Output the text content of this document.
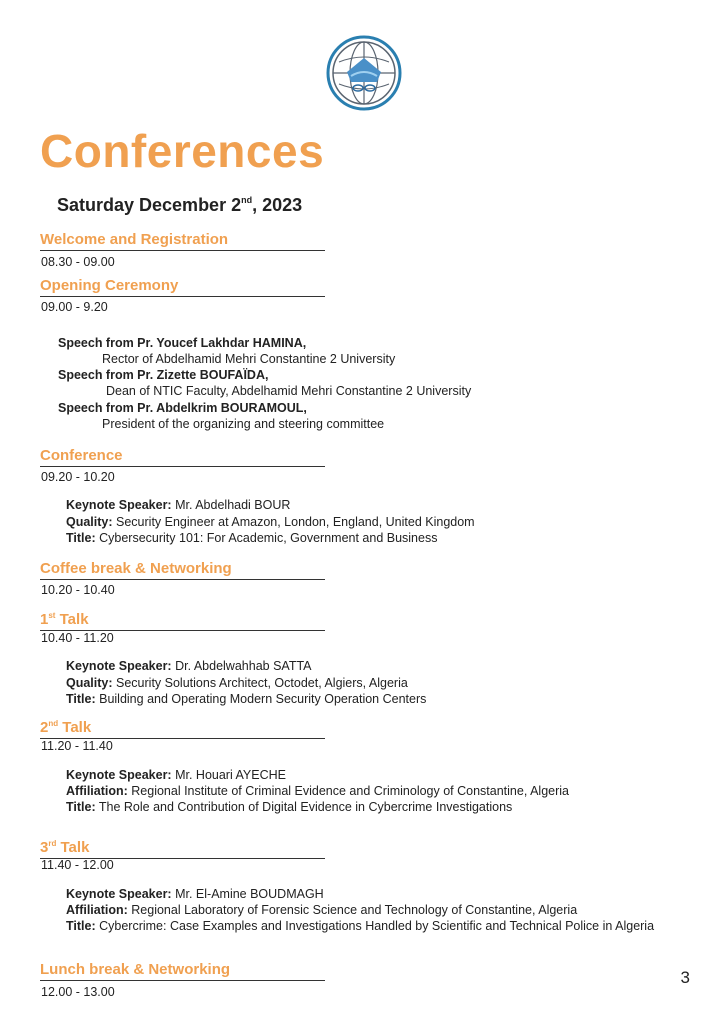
Conferences
Saturday December 2nd, 2023
Welcome and Registration
08.30 - 09.00
Opening Ceremony
09.00 - 9.20
Speech from Pr. Youcef Lakhdar HAMINA,
Rector of Abdelhamid Mehri Constantine 2 University
Speech from Pr. Zizette BOUFAÏDA,
Dean of NTIC Faculty, Abdelhamid Mehri Constantine 2 University
Speech from Pr. Abdelkrim BOURAMOUL,
President of the organizing and steering committee
Conference
09.20 - 10.20
Keynote Speaker: Mr. Abdelhadi BOUR
Quality: Security Engineer at Amazon, London, England, United Kingdom
Title: Cybersecurity 101: For Academic, Government and Business
Coffee break & Networking
10.20 - 10.40
1st Talk
10.40 - 11.20
Keynote Speaker: Dr. Abdelwahhab SATTA
Quality: Security Solutions Architect, Octodet, Algiers, Algeria
Title: Building and Operating Modern Security Operation Centers
2nd Talk
11.20 - 11.40
Keynote Speaker: Mr. Houari AYECHE
Affiliation: Regional Institute of Criminal Evidence and Criminology of Constantine, Algeria
Title: The Role and Contribution of Digital Evidence in Cybercrime Investigations
3rd Talk
11.40 - 12.00
Keynote Speaker: Mr. El-Amine BOUDMAGH
Affiliation: Regional Laboratory of Forensic Science and Technology of Constantine, Algeria
Title: Cybercrime: Case Examples and Investigations Handled by Scientific and Technical Police in Algeria
Lunch break & Networking
12.00 - 13.00
3
